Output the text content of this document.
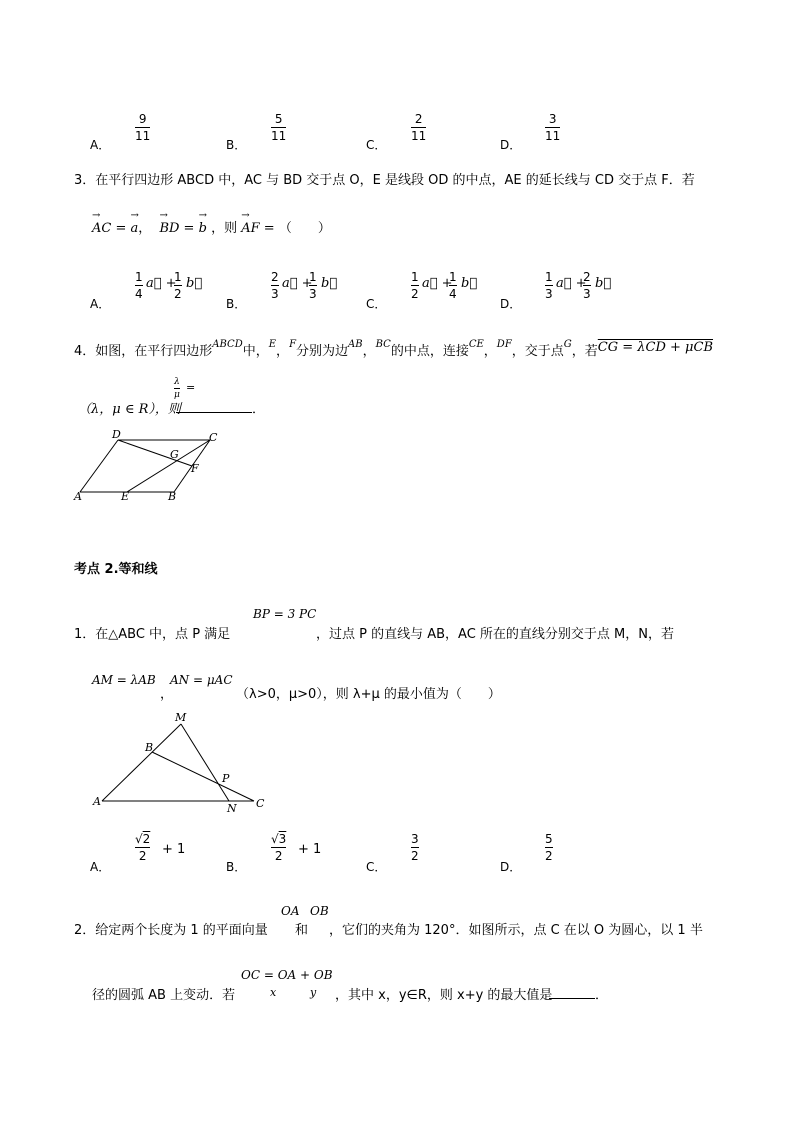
A．
9
11
B．
5
11
C．
2
11
D．
3
11
3．在平行四边形 ABCD 中，AC 与 BD 交于点 O，E 是线段 OD 的中点，AE 的延长线与 CD 交于点 F．若
→ AC = → a， → BD = → b ，则 → AF = （　　）
A．
1
4
a⃗ +
1
2
b⃗
B．
2
3
a⃗ +
1
3
b⃗
C．
1
2
a⃗ +
1
4
b⃗
D．
1
3
a⃗ +
2
3
b⃗
4．如图，在平行四边形$^{ABCD}$中，$^E$，$^F$分别为边$^{AB}$，$^{BC}$的中点，连接$^{CE}$，$^{DF}$，交于点$^G$，若CG = λCD + μCB
（λ，μ ∈ R），则
λ
μ
=
．
D	C
G
F
A	E	B
考点 2.等和线
1．在△ABC 中，点 P 满足
BP = 3 PC
，过点 P 的直线与 AB，AC 所在的直线分别交于点 M，N，若
AM = λAB
，
AN = μAC
（λ>0，μ>0），则 λ+μ 的最小值为（　　）
M
B
P
A
N C
A．
√2
2 + 1
B．
√3
2 + 1
C．
3
2
D．
5
2
2．给定两个长度为 1 的平面向量
OA
和
OB
，它们的夹角为 120°．如图所示，点 C 在以 O 为圆心，以 1 半
径的圆弧 AB 上变动．若
OC = OA + OB
x	y ，其中 x，y∈R，则 x+y 的最大值是	．
